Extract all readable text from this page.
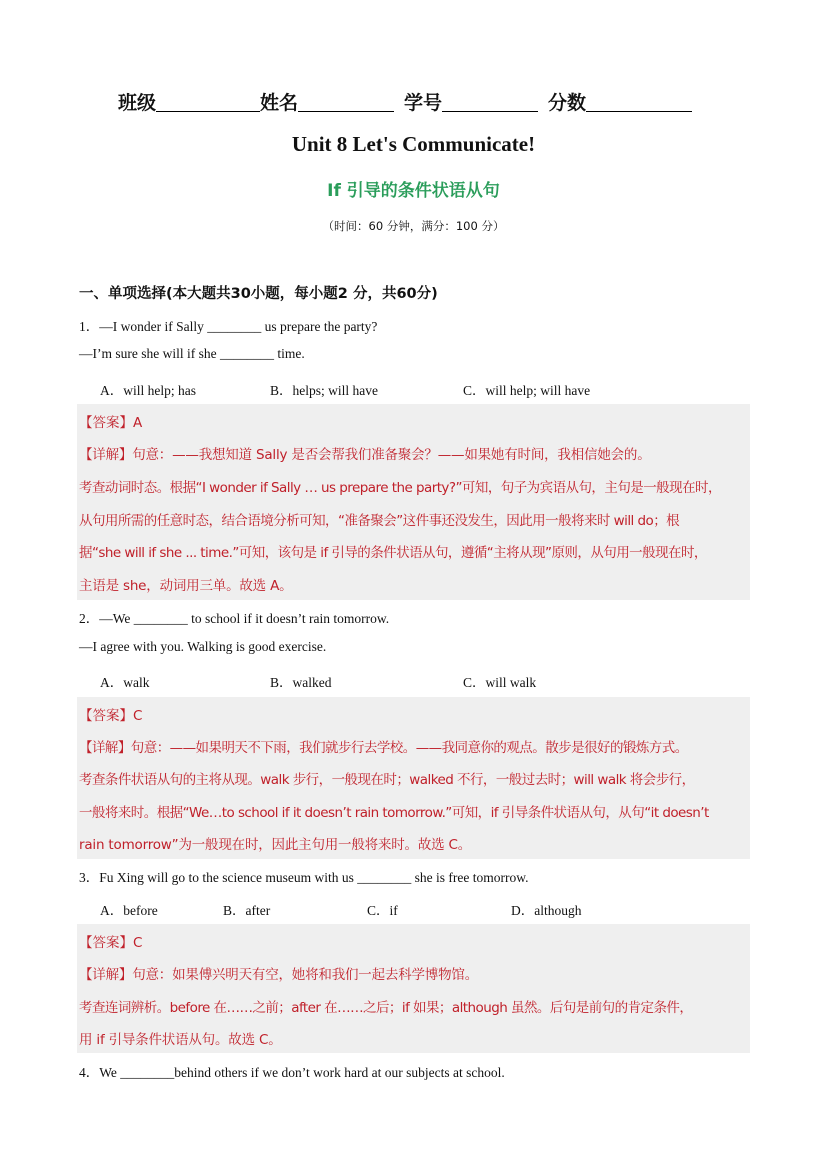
班级	姓名	学号	分数
Unit 8 Let's Communicate!
If 引导的条件状语从句
（时间：60 分钟，满分：100 分）
一、单项选择(本大题共30小题，每小题2 分，共60分)
1．—I wonder if Sally ________ us prepare the party?
—I’m sure she will if she ________ time.
A．will help; has	B．helps; will have	C．will help; will have
【答案】A
【详解】句意：——我想知道 Sally 是否会帮我们准备聚会？——如果她有时间，我相信她会的。
考查动词时态。根据“I wonder if Sally … us prepare the party?”可知，句子为宾语从句，主句是一般现在时，
从句用所需的任意时态，结合语境分析可知，“准备聚会”这件事还没发生，因此用一般将来时 will do；根
据“she will if she ... time.”可知，该句是 if 引导的条件状语从句，遵循“主将从现”原则，从句用一般现在时，
主语是 she，动词用三单。故选 A。
2．—We ________ to school if it doesn’t rain tomorrow.
—I agree with you. Walking is good exercise.
A．walk	B．walked	C．will walk
【答案】C
【详解】句意：——如果明天不下雨，我们就步行去学校。——我同意你的观点。散步是很好的锻炼方式。
考查条件状语从句的主将从现。walk 步行，一般现在时；walked 不行，一般过去时；will walk 将会步行，
一般将来时。根据“We…to school if it doesn’t rain tomorrow.”可知，if 引导条件状语从句，从句“it doesn’t
rain tomorrow”为一般现在时，因此主句用一般将来时。故选 C。
3．Fu Xing will go to the science museum with us ________ she is free tomorrow.
A．before	B．after	C．if	D．although
【答案】C
【详解】句意：如果傅兴明天有空，她将和我们一起去科学博物馆。
考查连词辨析。before 在……之前；after 在……之后；if 如果；although 虽然。后句是前句的肯定条件，
用 if 引导条件状语从句。故选 C。
4．We ________behind others if we don’t work hard at our subjects at school.
